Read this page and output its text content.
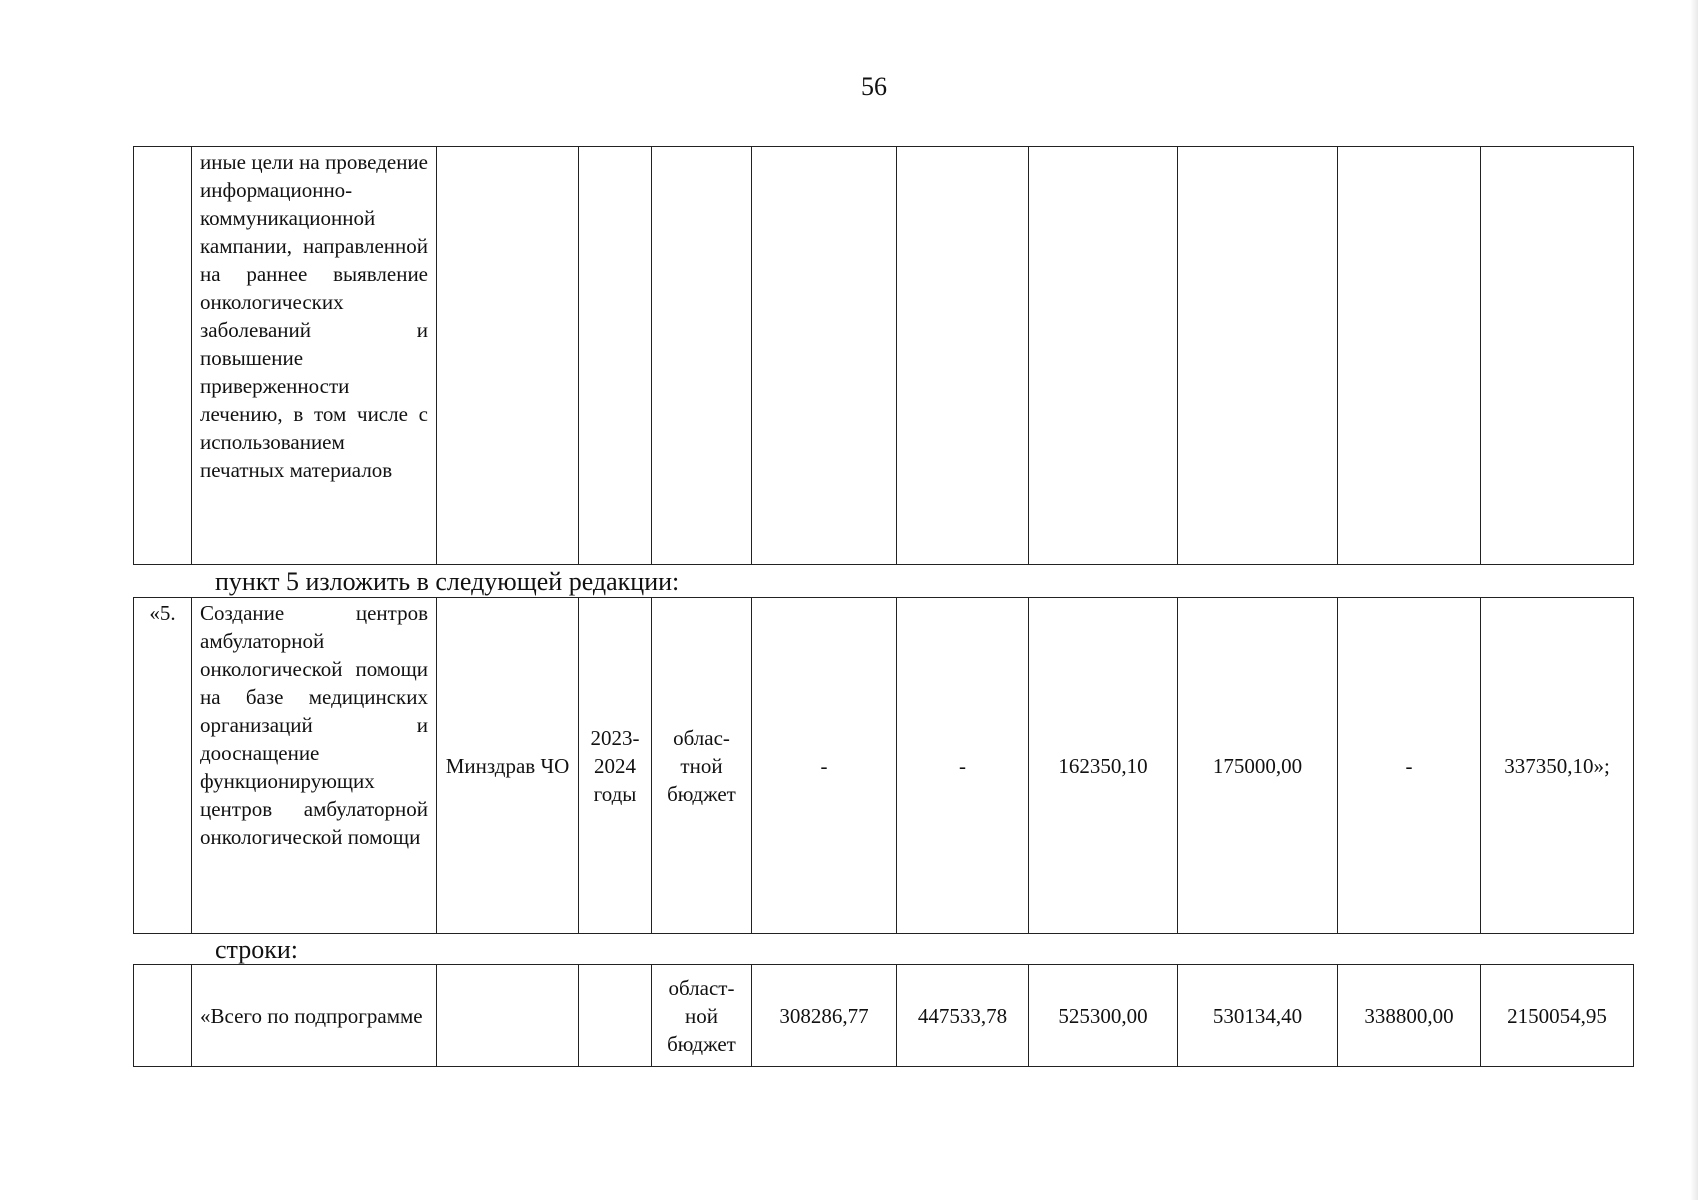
56
	иные цели на проведение информационно-коммуникационной кампании, направленной на раннее выявление онкологических заболеваний и повышение приверженности лечению, в том числе с использованием печатных материалов									
пункт 5 изложить в следующей редакции:
«5.	Создание центров амбулаторной онкологической помощи на базе медицинских организаций и дооснащение функционирующих центров амбулаторной онкологической помощи	Минздрав ЧО	2023-2024 годы	облас-тной бюджет	-	-	162350,10	175000,00	-	337350,10»;
строки:
	«Всего по подпрограмме			област-ной бюджет	308286,77	447533,78	525300,00	530134,40	338800,00	2150054,95
